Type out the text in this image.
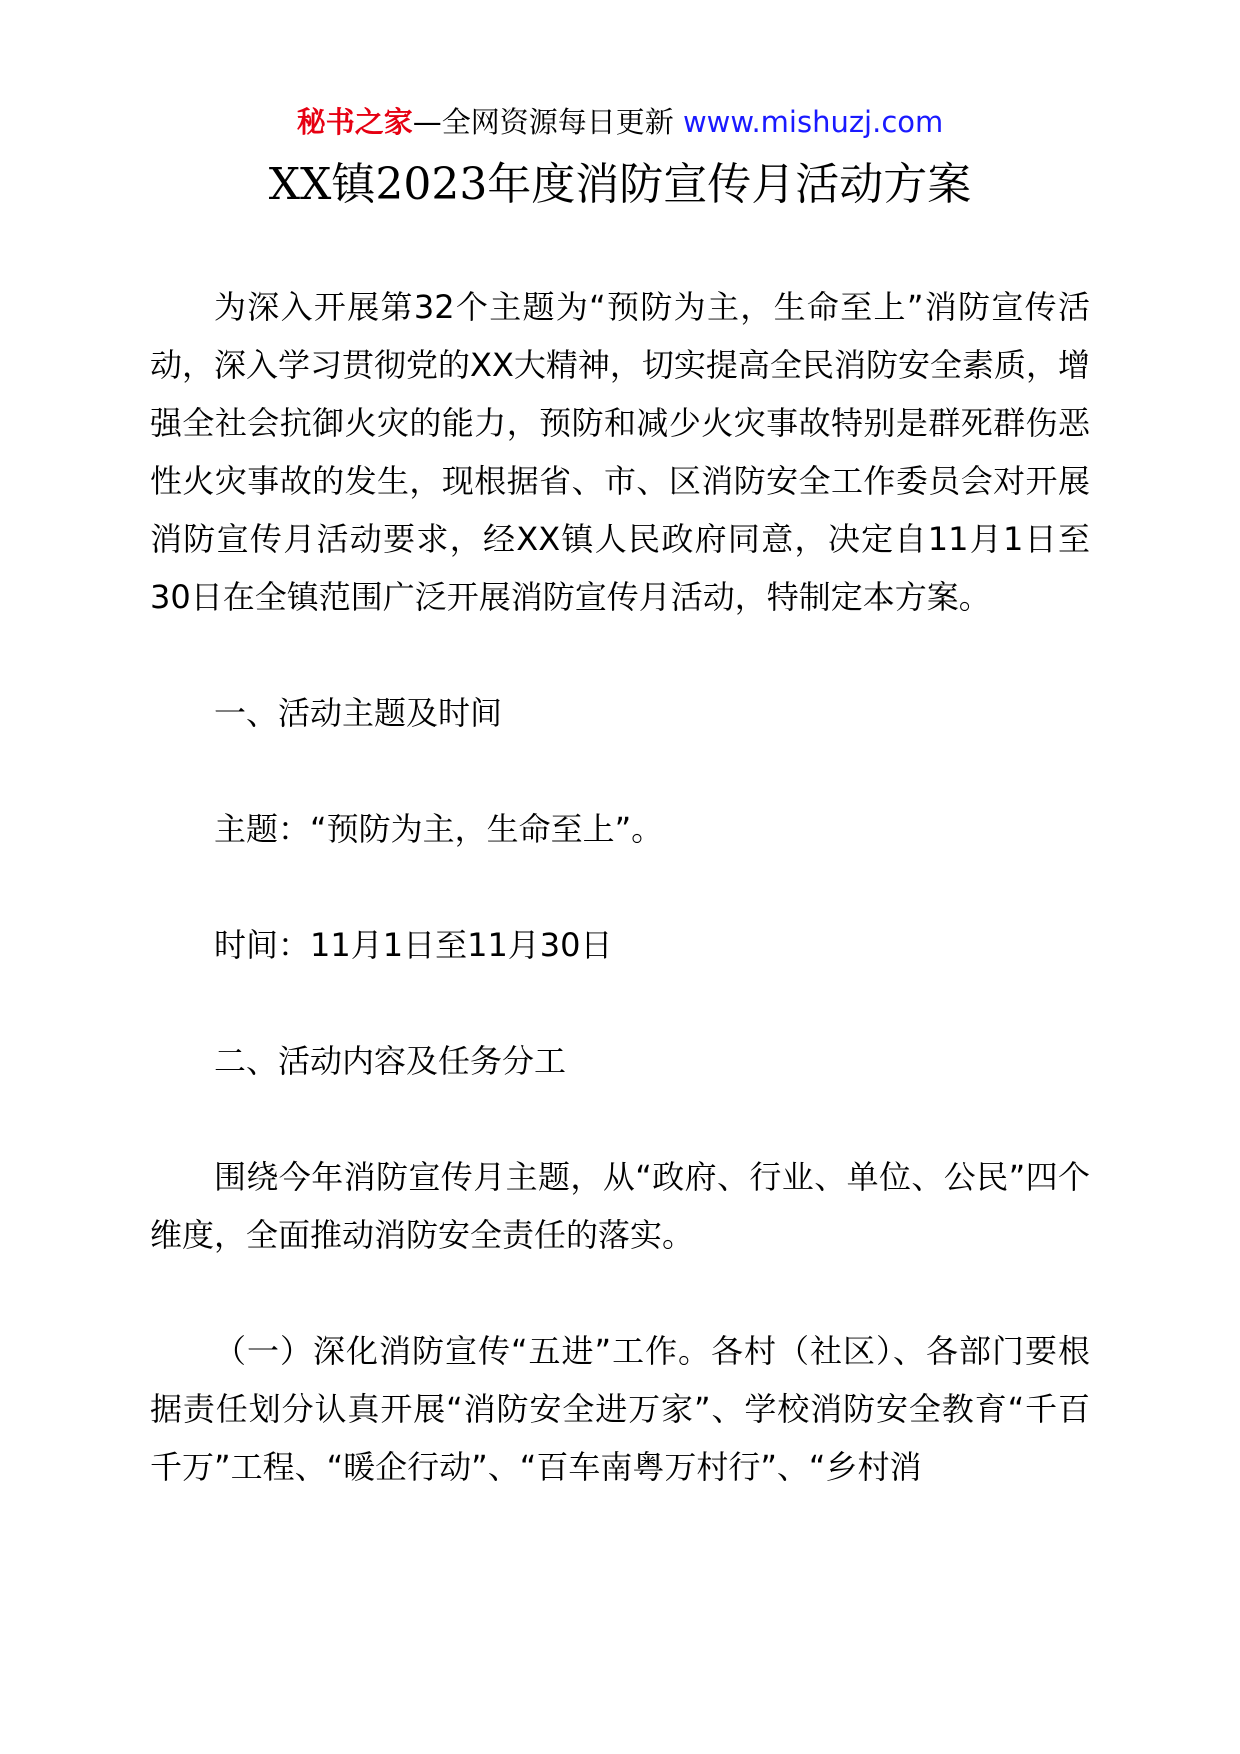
秘书之家—全网资源每日更新 www.mishuzj.com
XX镇2023年度消防宣传月活动方案

为深入开展第32个主题为“预防为主，生命至上”消防宣传活动，深入学习贯彻党的XX大精神，切实提高全民消防安全素质，增强全社会抗御火灾的能力，预防和减少火灾事故特别是群死群伤恶性火灾事故的发生，现根据省、市、区消防安全工作委员会对开展消防宣传月活动要求，经XX镇人民政府同意，决定自11月1日至30日在全镇范围广泛开展消防宣传月活动，特制定本方案。

一、活动主题及时间

主题：“预防为主，生命至上”。

时间：11月1日至11月30日

二、活动内容及任务分工

围绕今年消防宣传月主题，从“政府、行业、单位、公民”四个维度，全面推动消防安全责任的落实。

（一）深化消防宣传“五进”工作。各村（社区）、各部门要根据责任划分认真开展“消防安全进万家”、学校消防安全教育“千百千万”工程、“暖企行动”、“百车南粤万村行”、“乡村消
